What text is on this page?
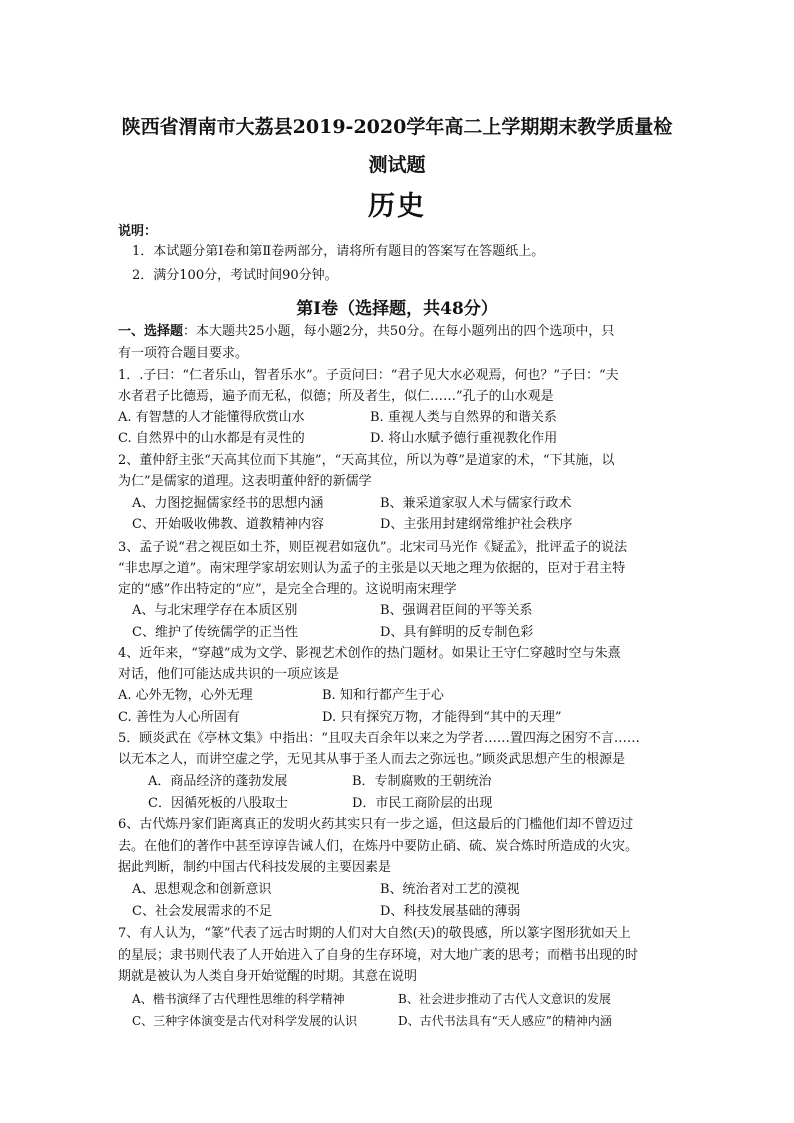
陕西省渭南市大荔县2019-2020学年高二上学期期末教学质量检
测试题
历史
说明：
1．本试题分第Ⅰ卷和第Ⅱ卷两部分，请将所有题目的答案写在答题纸上。
2．满分100分，考试时间90分钟。
第Ⅰ卷（选择题，共48分）
一、选择题：本大题共25小题，每小题2分，共50分。在每小题列出的四个选项中，只
有一项符合题目要求。
1．.子曰：“仁者乐山，智者乐水”。子贡问曰：“君子见大水必观焉，何也？”子曰：“夫
水者君子比德焉，遍予而无私，似德；所及者生，似仁……”孔子的山水观是
A. 有智慧的人才能懂得欣赏山水	B. 重视人类与自然界的和谐关系
C. 自然界中的山水都是有灵性的	D. 将山水赋予德行重视教化作用
2、董仲舒主张“天高其位而下其施”，“天高其位，所以为尊”是道家的术，“下其施，以
为仁”是儒家的道理。这表明董仲舒的新儒学
A、力图挖掘儒家经书的思想内涵	B、兼采道家驭人术与儒家行政术
C、开始吸收佛教、道教精神内容	D、主张用封建纲常维护社会秩序
3、孟子说“君之视臣如土芥，则臣视君如寇仇”。北宋司马光作《疑孟》，批评孟子的说法
“非忠厚之道”。南宋理学家胡宏则认为孟子的主张是以天地之理为依据的，臣对于君主特
定的“感”作出特定的“应”，是完全合理的。这说明南宋理学
A、与北宋理学存在本质区别	B、强调君臣间的平等关系
C、维护了传统儒学的正当性	D、具有鲜明的反专制色彩
4、近年来，“穿越”成为文学、影视艺术创作的热门题材。如果让王守仁穿越时空与朱熹
对话，他们可能达成共识的一项应该是
A. 心外无物，心外无理	B. 知和行都产生于心
C. 善性为人心所固有	D. 只有探究万物，才能得到“其中的天理”
5．顾炎武在《亭林文集》中指出：“且叹夫百余年以来之为学者……置四海之困穷不言……
以无本之人，而讲空虚之学，无见其从事于圣人而去之弥远也。”顾炎武思想产生的根源是
A．商品经济的蓬勃发展	B．专制腐败的王朝统治
C．因循死板的八股取士	D．市民工商阶层的出现
6、古代炼丹家们距离真正的发明火药其实只有一步之遥，但这最后的门槛他们却不曾迈过
去。在他们的著作中甚至谆谆告诫人们，在炼丹中要防止硝、硫、炭合炼时所造成的火灾。
据此判断，制约中国古代科技发展的主要因素是
A、思想观念和创新意识	B、统治者对工艺的漠视
C、社会发展需求的不足	D、科技发展基础的薄弱
7、有人认为，“篆”代表了远古时期的人们对大自然(天)的敬畏感，所以篆字图形犹如天上
的星辰；隶书则代表了人开始进入了自身的生存环境，对大地广袤的思考；而楷书出现的时
期就是被认为人类自身开始觉醒的时期。其意在说明
A、楷书演绎了古代理性思维的科学精神	B、社会进步推动了古代人文意识的发展
C、三种字体演变是古代对科学发展的认识	D、古代书法具有“天人感应”的精神内涵
